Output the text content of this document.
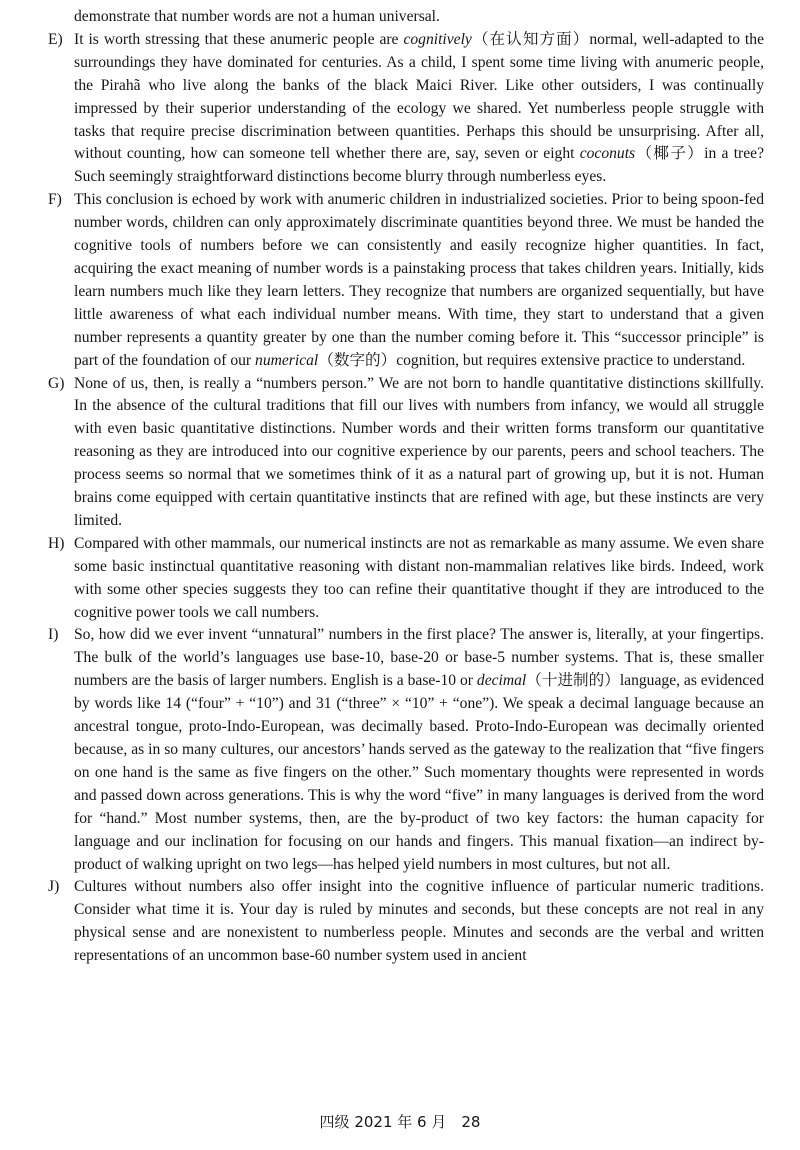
demonstrate that number words are not a human universal.
E) It is worth stressing that these anumeric people are cognitively（在认知方面）normal, well-adapted to the surroundings they have dominated for centuries. As a child, I spent some time living with anumeric people, the Pirahã who live along the banks of the black Maici River. Like other outsiders, I was continually impressed by their superior understanding of the ecology we shared. Yet numberless people struggle with tasks that require precise discrimination between quantities. Perhaps this should be unsurprising. After all, without counting, how can someone tell whether there are, say, seven or eight coconuts（椰子）in a tree? Such seemingly straightforward distinctions become blurry through numberless eyes.
F) This conclusion is echoed by work with anumeric children in industrialized societies. Prior to being spoon-fed number words, children can only approximately discriminate quantities beyond three. We must be handed the cognitive tools of numbers before we can consistently and easily recognize higher quantities. In fact, acquiring the exact meaning of number words is a painstaking process that takes children years. Initially, kids learn numbers much like they learn letters. They recognize that numbers are organized sequentially, but have little awareness of what each individual number means. With time, they start to understand that a given number represents a quantity greater by one than the number coming before it. This “successor principle” is part of the foundation of our numerical（数字的）cognition, but requires extensive practice to understand.
G) None of us, then, is really a “numbers person.” We are not born to handle quantitative distinctions skillfully. In the absence of the cultural traditions that fill our lives with numbers from infancy, we would all struggle with even basic quantitative distinctions. Number words and their written forms transform our quantitative reasoning as they are introduced into our cognitive experience by our parents, peers and school teachers. The process seems so normal that we sometimes think of it as a natural part of growing up, but it is not. Human brains come equipped with certain quantitative instincts that are refined with age, but these instincts are very limited.
H) Compared with other mammals, our numerical instincts are not as remarkable as many assume. We even share some basic instinctual quantitative reasoning with distant non-mammalian relatives like birds. Indeed, work with some other species suggests they too can refine their quantitative thought if they are introduced to the cognitive power tools we call numbers.
I) So, how did we ever invent “unnatural” numbers in the first place? The answer is, literally, at your fingertips. The bulk of the world’s languages use base-10, base-20 or base-5 number systems. That is, these smaller numbers are the basis of larger numbers. English is a base-10 or decimal（十进制的）language, as evidenced by words like 14 (“four” + “10”) and 31 (“three” × “10” + “one”). We speak a decimal language because an ancestral tongue, proto-Indo-European, was decimally based. Proto-Indo-European was decimally oriented because, as in so many cultures, our ancestors’ hands served as the gateway to the realization that “five fingers on one hand is the same as five fingers on the other.” Such momentary thoughts were represented in words and passed down across generations. This is why the word “five” in many languages is derived from the word for “hand.” Most number systems, then, are the by-product of two key factors: the human capacity for language and our inclination for focusing on our hands and fingers. This manual fixation—an indirect by-product of walking upright on two legs—has helped yield numbers in most cultures, but not all.
J) Cultures without numbers also offer insight into the cognitive influence of particular numeric traditions. Consider what time it is. Your day is ruled by minutes and seconds, but these concepts are not real in any physical sense and are nonexistent to numberless people. Minutes and seconds are the verbal and written representations of an uncommon base-60 number system used in ancient
四级 2021 年 6 月　28
